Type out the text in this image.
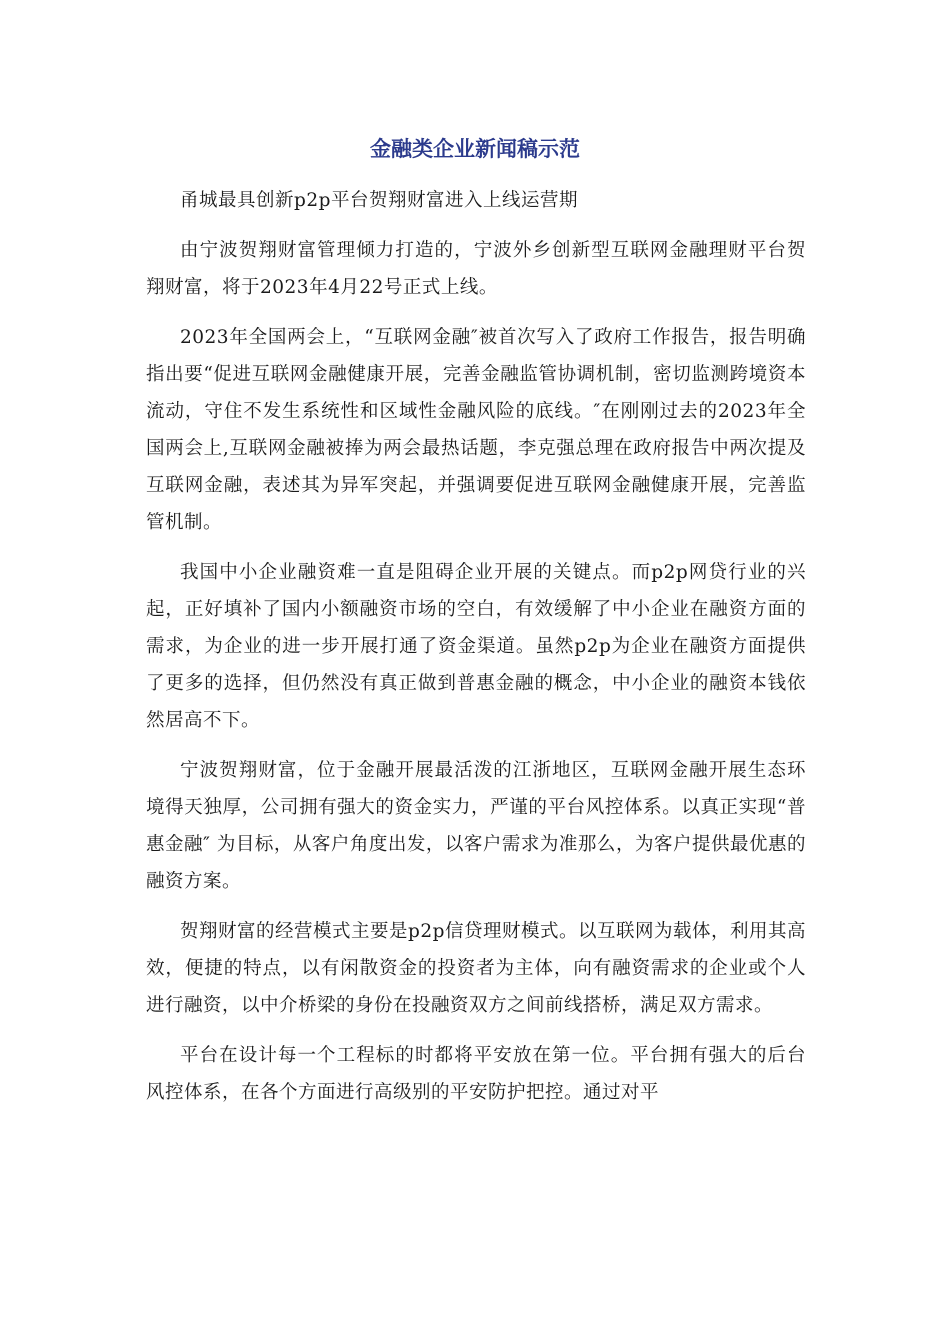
金融类企业新闻稿示范

甬城最具创新p2p平台贺翔财富进入上线运营期

由宁波贺翔财富管理倾力打造的，宁波外乡创新型互联网金融理财平台贺翔财富，将于2023年4月22号正式上线。

2023年全国两会上，“互联网金融″被首次写入了政府工作报告，报告明确指出要“促进互联网金融健康开展，完善金融监管协调机制，密切监测跨境资本流动，守住不发生系统性和区域性金融风险的底线。″在刚刚过去的2023年全国两会上,互联网金融被捧为两会最热话题，李克强总理在政府报告中两次提及互联网金融，表述其为异军突起，并强调要促进互联网金融健康开展，完善监管机制。

我国中小企业融资难一直是阻碍企业开展的关键点。而p2p网贷行业的兴起，正好填补了国内小额融资市场的空白，有效缓解了中小企业在融资方面的需求，为企业的进一步开展打通了资金渠道。虽然p2p为企业在融资方面提供了更多的选择，但仍然没有真正做到普惠金融的概念，中小企业的融资本钱依然居高不下。

宁波贺翔财富，位于金融开展最活泼的江浙地区，互联网金融开展生态环境得天独厚，公司拥有强大的资金实力，严谨的平台风控体系。以真正实现“普惠金融″ 为目标，从客户角度出发，以客户需求为准那么，为客户提供最优惠的融资方案。

贺翔财富的经营模式主要是p2p信贷理财模式。以互联网为载体，利用其高效，便捷的特点，以有闲散资金的投资者为主体，向有融资需求的企业或个人进行融资，以中介桥梁的身份在投融资双方之间前线搭桥，满足双方需求。

平台在设计每一个工程标的时都将平安放在第一位。平台拥有强大的后台风控体系，在各个方面进行高级别的平安防护把控。通过对平
